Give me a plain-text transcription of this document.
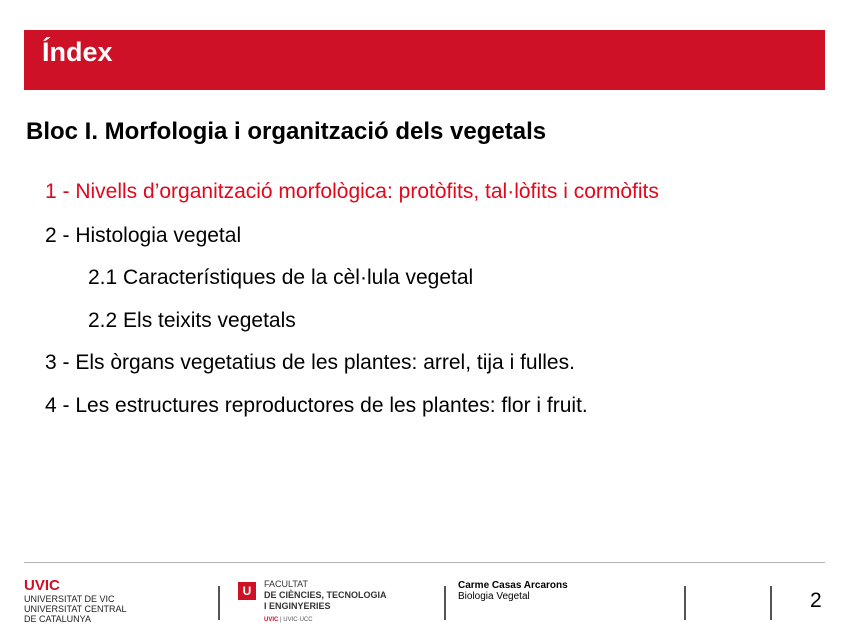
Índex
Bloc I. Morfologia i organització dels vegetals
1 - Nivells d’organització morfològica: protòfits, tal·lòfits i cormòfits
2 - Histologia vegetal
2.1 Característiques de la cèl·lula vegetal
2.2 Els teixits vegetals
3 - Els òrgans vegetatius de les plantes: arrel, tija i fulles.
4 - Les estructures reproductores de les plantes: flor i fruit.
UVIC
UNIVERSITAT DE VIC
UNIVERSITAT CENTRAL
DE CATALUNYA
U	FACULTAT
DE CIÈNCIES, TECNOLOGIA
I ENGINYERIES
UVIC | UVIC·UCC
Carme Casas Arcarons
Biologia Vegetal	2
